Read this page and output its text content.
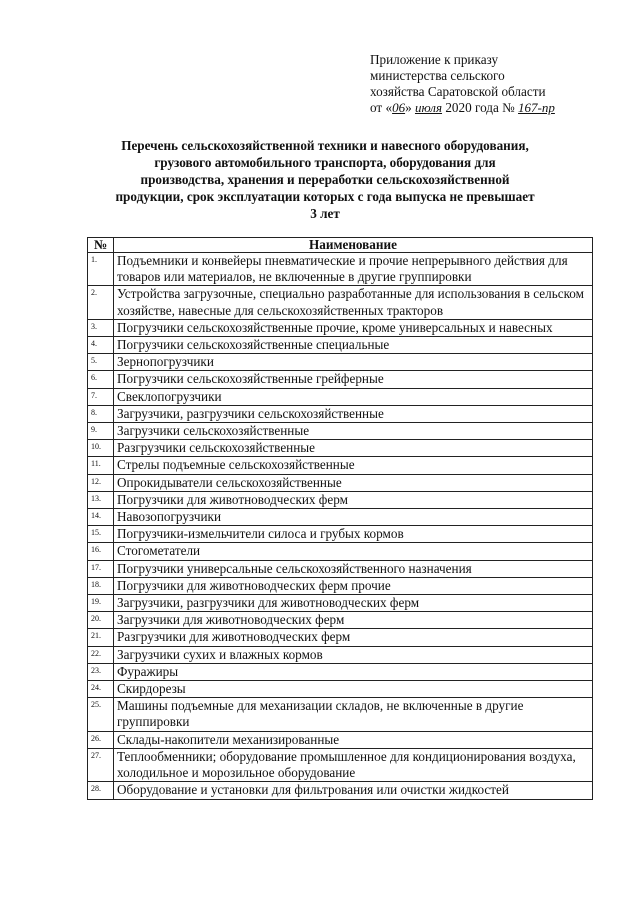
Приложение к приказу
министерства сельского
хозяйства Саратовской области
от «06» июля 2020 года № 167-пр
Перечень сельскохозяйственной техники и навесного оборудования,
грузового автомобильного транспорта, оборудования для
производства, хранения и переработки сельскохозяйственной
продукции, срок эксплуатации которых с года выпуска не превышает
3 лет
№	Наименование
1.	Подъемники и конвейеры пневматические и прочие непрерывного действия для товаров или материалов, не включенные в другие группировки
2.	Устройства загрузочные, специально разработанные для использования в сельском хозяйстве, навесные для сельскохозяйственных тракторов
3.	Погрузчики сельскохозяйственные прочие, кроме универсальных и навесных
4.	Погрузчики сельскохозяйственные специальные
5.	Зернопогрузчики
6.	Погрузчики сельскохозяйственные грейферные
7.	Свеклопогрузчики
8.	Загрузчики, разгрузчики сельскохозяйственные
9.	Загрузчики сельскохозяйственные
10.	Разгрузчики сельскохозяйственные
11.	Стрелы подъемные сельскохозяйственные
12.	Опрокидыватели сельскохозяйственные
13.	Погрузчики для животноводческих ферм
14.	Навозопогрузчики
15.	Погрузчики-измельчители силоса и грубых кормов
16.	Стогометатели
17.	Погрузчики универсальные сельскохозяйственного назначения
18.	Погрузчики для животноводческих ферм прочие
19.	Загрузчики, разгрузчики для животноводческих ферм
20.	Загрузчики для животноводческих ферм
21.	Разгрузчики для животноводческих ферм
22.	Загрузчики сухих и влажных кормов
23.	Фуражиры
24.	Скирдорезы
25.	Машины подъемные для механизации складов, не включенные в другие группировки
26.	Склады-накопители механизированные
27.	Теплообменники; оборудование промышленное для кондиционирования воздуха, холодильное и морозильное оборудование
28.	Оборудование и установки для фильтрования или очистки жидкостей
